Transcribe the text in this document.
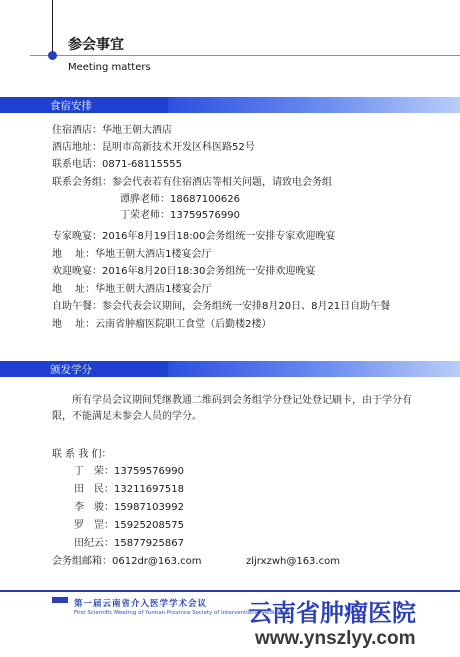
参会事宜
Meeting matters
食宿安排
住宿酒店：华地王朝大酒店
酒店地址：昆明市高新技术开发区科医路52号
联系电话：0871-68115555
联系会务组：参会代表若有住宿酒店等相关问题，请致电会务组
谭骅老师：18687100626
丁荣老师：13759576990
专家晚宴：2016年8月19日18:00会务组统一安排专家欢迎晚宴
地　 址：华地王朝大酒店1楼宴会厅
欢迎晚宴：2016年8月20日18:30会务组统一安排欢迎晚宴
地　 址：华地王朝大酒店1楼宴会厅
自助午餐：参会代表会议期间，会务组统一安排8月20日、8月21日自助午餐
地　 址：云南省肿瘤医院职工食堂（后勤楼2楼）
颁发学分
所有学员会议期间凭继教通二维码到会务组学分登记处登记刷卡，由于学分有限，不能满足未参会人员的学分。
联 系 我 们：
丁　荣：13759576990
田　民：13211697518
李　骏：15987103992
罗　罡：15925208575
田纪云：15877925867
会务组邮箱：0612dr@163.com	zljrxzwh@163.com
第一届云南省介入医学学术会议
First Scientific Meeting of Yunnan Province Society of Interventional Medicine
云南省肿瘤医院
www.ynszlyy.com
